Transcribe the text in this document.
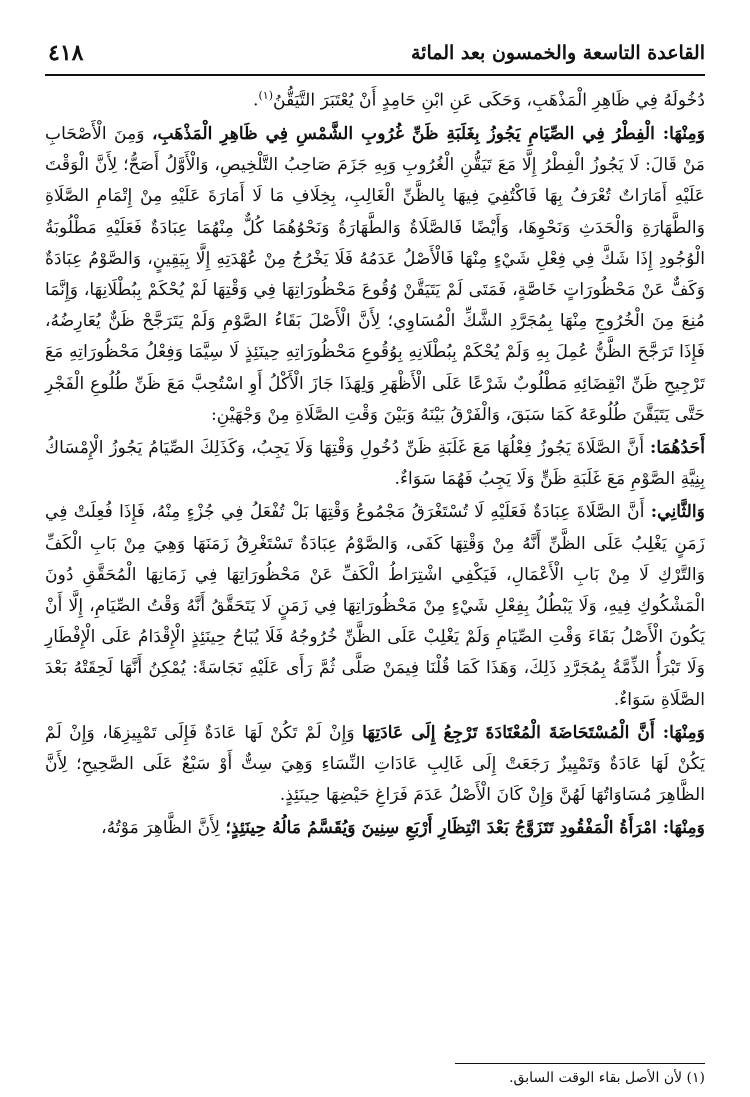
القاعدة التاسعة والخمسون بعد المائة
٤١٨

دُخُولَهُ فِي ظَاهِرِ الْمَذْهَبِ، وَحَكَى عَنِ ابْنِ حَامِدٍ أَنْ يُعْتَبَرَ التَّيَقُّنُ$^{(١)}$.

وَمِنْهَا: الْفِطْرُ فِي الصِّيَامِ يَجُوزُ بِغَلَبَةِ ظَنِّ غُرُوبِ الشَّمْسِ فِي ظَاهِرِ الْمَذْهَبِ، وَمِنَ الْأَصْحَابِ مَنْ قَالَ: لَا يَجُوزُ الْفِطْرُ إِلَّا مَعَ تَيَقُّنِ الْغُرُوبِ وَبِهِ جَزَمَ صَاحِبُ التَّلْخِيصِ، وَالْأَوَّلُ أَصَحُّ؛ لِأَنَّ الْوَقْتَ عَلَيْهِ أَمَارَاتٌ تُعْرَفُ بِهَا فَاكْتُفِيَ فِيهَا بِالظَّنِّ الْغَالِبِ، بِخِلَافِ مَا لَا أَمَارَةَ عَلَيْهِ مِنْ إِتْمَامِ الصَّلَاةِ وَالطَّهَارَةِ وَالْحَدَثِ وَنَحْوِهَا، وَأَيْضًا فَالصَّلَاةُ وَالطَّهَارَةُ وَنَحْوُهُمَا كُلٌّ مِنْهُمَا عِبَادَةٌ فَعَلَيْهِ مَطْلُوبَةُ الْوُجُودِ إِذَا شَكَّ فِي فِعْلِ شَيْءٍ مِنْهَا فَالْأَصْلُ عَدَمُهُ فَلَا يَخْرُجُ مِنْ عُهْدَتِهِ إِلَّا بِيَقِينٍ، وَالصَّوْمُ عِبَادَةٌ وَكَفٌّ عَنْ مَحْظُورَاتٍ خَاصَّةٍ، فَمَتَى لَمْ يَتَيَقَّنْ وُقُوعَ مَحْظُورَاتِهَا فِي وَقْتِهَا لَمْ يُحْكَمْ بِبُطْلَانِهَا، وَإِنَّمَا مُنِعَ مِنَ الْخُرُوجِ مِنْهَا بِمُجَرَّدِ الشَّكِّ الْمُسَاوِي؛ لِأَنَّ الْأَصْلَ بَقَاءُ الصَّوْمِ وَلَمْ يَتَرَجَّحْ ظَنٌّ يُعَارِضُهُ، فَإِذَا تَرَجَّحَ الظَّنُّ عُمِلَ بِهِ وَلَمْ يُحْكَمْ بِبُطْلَانِهِ بِوُقُوعِ مَحْظُورَاتِهِ حِينَئِذٍ لَا سِيَّمَا وَفِعْلُ مَحْظُورَاتِهِ مَعَ تَرْجِيحِ ظَنِّ انْقِضَائِهِ مَطْلُوبٌ شَرْعًا عَلَى الْأَظْهَرِ وَلِهَذَا جَازَ الْأَكْلُ أَوِ اسْتُحِبَّ مَعَ ظَنِّ طُلُوعِ الْفَجْرِ حَتَّى يَتَيَقَّنَ طُلُوعَهُ كَمَا سَبَقَ، وَالْفَرْقُ بَيْنَهُ وَبَيْنَ وَقْتِ الصَّلَاةِ مِنْ وَجْهَيْنِ:

أَحَدُهُمَا: أَنَّ الصَّلَاةَ يَجُوزُ فِعْلُهَا مَعَ غَلَبَةِ ظَنِّ دُخُولِ وَقْتِهَا وَلَا يَجِبُ، وَكَذَلِكَ الصِّيَامُ يَجُوزُ الْإِمْسَاكُ بِنِيَّةِ الصَّوْمِ مَعَ غَلَبَةِ ظَنٍّ وَلَا يَجِبُ فَهُمَا سَوَاءٌ.

وَالثَّانِي: أَنَّ الصَّلَاةَ عِبَادَةٌ فَعَلَيْهِ لَا تُسْتَغْرَقُ مَجْمُوعُ وَقْتِهَا بَلْ تُفْعَلُ فِي جُزْءٍ مِنْهُ، فَإِذَا فُعِلَتْ فِي زَمَنٍ يَغْلِبُ عَلَى الظَّنِّ أَنَّهُ مِنْ وَقْتِهَا كَفَى، وَالصَّوْمُ عِبَادَةٌ تَسْتَغْرِقُ زَمَنَهَا وَهِيَ مِنْ بَابِ الْكَفِّ وَالتَّرْكِ لَا مِنْ بَابِ الْأَعْمَالِ، فَيَكْفِي اشْتِرَاطُ الْكَفِّ عَنْ مَحْظُورَاتِهَا فِي زَمَانِهَا الْمُحَقَّقِ دُونَ الْمَشْكُوكِ فِيهِ، وَلَا يَبْطُلُ بِفِعْلِ شَيْءٍ مِنْ مَحْظُورَاتِهَا فِي زَمَنٍ لَا يَتَحَقَّقُ أَنَّهُ وَقْتُ الصِّيَامِ، إِلَّا أَنْ يَكُونَ الْأَصْلُ بَقَاءَ وَقْتِ الصِّيَامِ وَلَمْ يَغْلِبْ عَلَى الظَّنِّ خُرُوجُهُ فَلَا يُبَاحُ حِينَئِذٍ الْإِقْدَامُ عَلَى الْإِفْطَارِ وَلَا تَبْرَأُ الذِّمَّةُ بِمُجَرَّدِ ذَلِكَ، وَهَذَا كَمَا قُلْنَا فِيمَنْ صَلَّى ثُمَّ رَأَى عَلَيْهِ نَجَاسَةً: يُمْكِنُ أَنَّهَا لَحِقَتْهُ بَعْدَ الصَّلَاةِ سَوَاءٌ.

وَمِنْهَا: أَنَّ الْمُسْتَحَاضَةَ الْمُعْتَادَةَ تَرْجِعُ إِلَى عَادَتِهَا وَإِنْ لَمْ تَكُنْ لَهَا عَادَةٌ فَإِلَى تَمْيِيزِهَا، وَإِنْ لَمْ يَكُنْ لَهَا عَادَةٌ وَتَمْيِيزٌ رَجَعَتْ إِلَى غَالِبِ عَادَاتِ النِّسَاءِ وَهِيَ سِتٌّ أَوْ سَبْعٌ عَلَى الصَّحِيحِ؛ لِأَنَّ الظَّاهِرَ مُسَاوَاتُهَا لَهُنَّ وَإِنْ كَانَ الْأَصْلُ عَدَمَ فَرَاغِ حَيْضِهَا حِينَئِذٍ.

وَمِنْهَا: امْرَأَةُ الْمَفْقُودِ تَتَزَوَّجُ بَعْدَ انْتِظَارِ أَرْبَعِ سِنِينَ وَيُقَسَّمُ مَالُهُ حِينَئِذٍ؛ لِأَنَّ الظَّاهِرَ مَوْتُهُ،

(١) لأن الأصل بقاء الوقت السابق.
